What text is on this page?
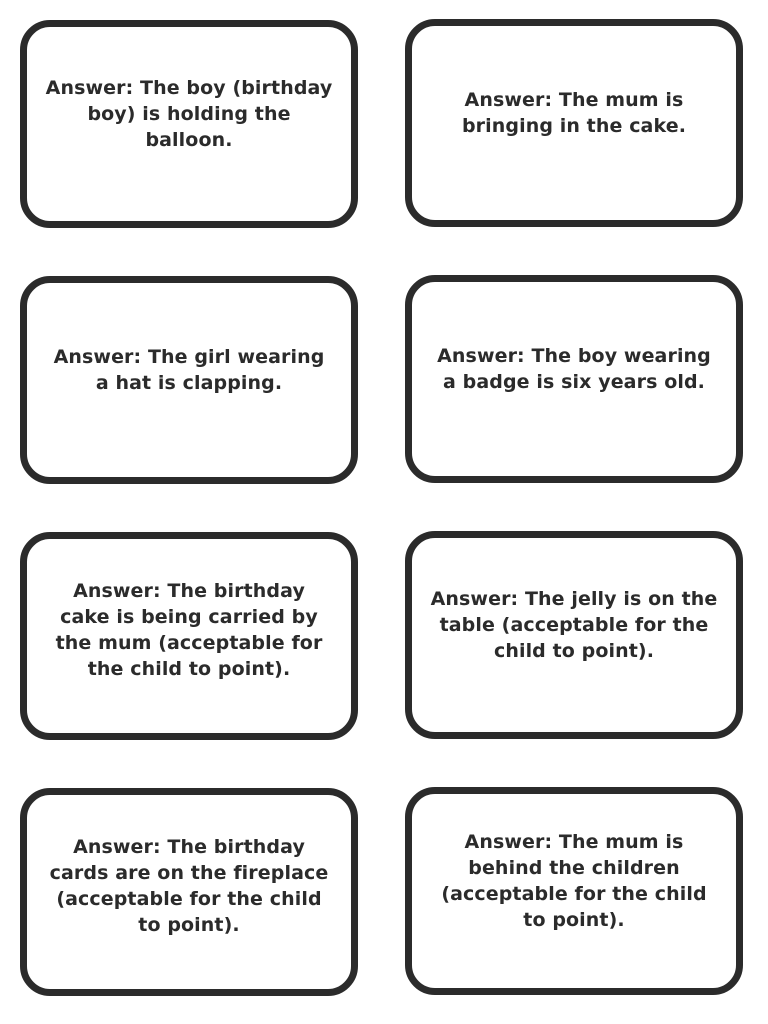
Answer: The boy (birthday boy) is holding the balloon.
Answer: The mum is bringing in the cake.
Answer: The girl wearing a hat is clapping.
Answer: The boy wearing a badge is six years old.
Answer: The birthday cake is being carried by the mum (acceptable for the child to point).
Answer: The jelly is on the table (acceptable for the child to point).
Answer: The birthday cards are on the fireplace (acceptable for the child to point).
Answer: The mum is behind the children (acceptable for the child to point).
